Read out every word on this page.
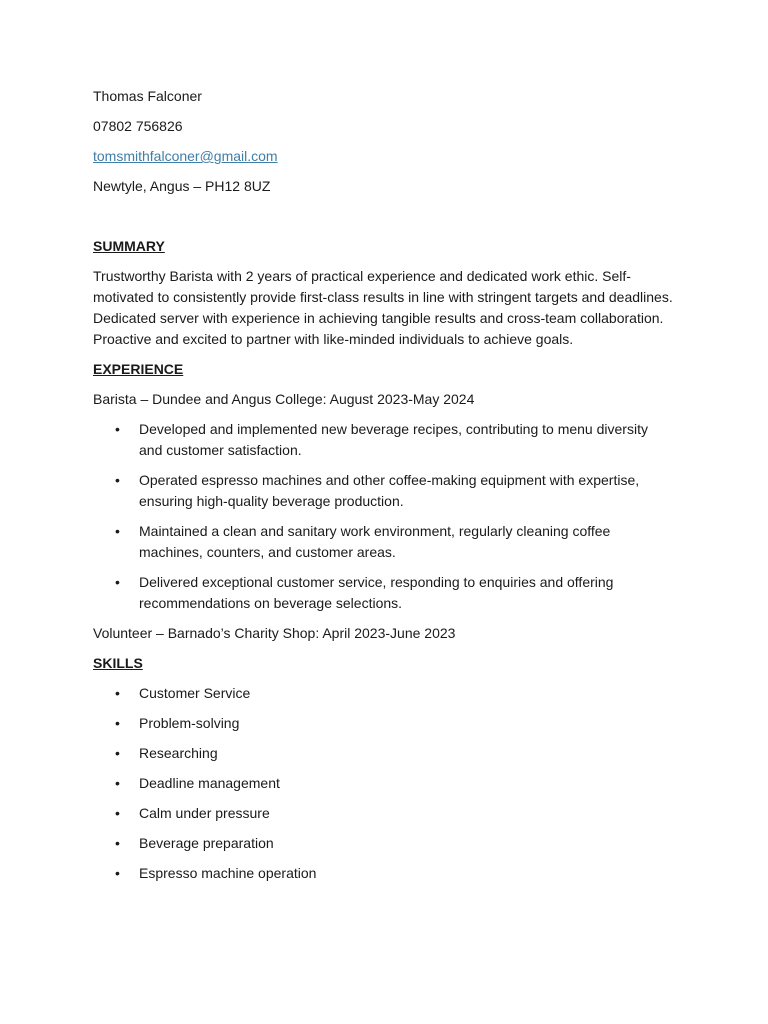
Thomas Falconer

07802 756826

tomsmithfalconer@gmail.com

Newtyle, Angus – PH12 8UZ

SUMMARY

Trustworthy Barista with 2 years of practical experience and dedicated work ethic. Self-motivated to consistently provide first-class results in line with stringent targets and deadlines. Dedicated server with experience in achieving tangible results and cross-team collaboration. Proactive and excited to partner with like-minded individuals to achieve goals.

EXPERIENCE

Barista – Dundee and Angus College: August 2023-May 2024

• Developed and implemented new beverage recipes, contributing to menu diversity and customer satisfaction.
• Operated espresso machines and other coffee-making equipment with expertise, ensuring high-quality beverage production.
• Maintained a clean and sanitary work environment, regularly cleaning coffee machines, counters, and customer areas.
• Delivered exceptional customer service, responding to enquiries and offering recommendations on beverage selections.

Volunteer – Barnado’s Charity Shop: April 2023-June 2023

SKILLS

• Customer Service
• Problem-solving
• Researching
• Deadline management
• Calm under pressure
• Beverage preparation
• Espresso machine operation
